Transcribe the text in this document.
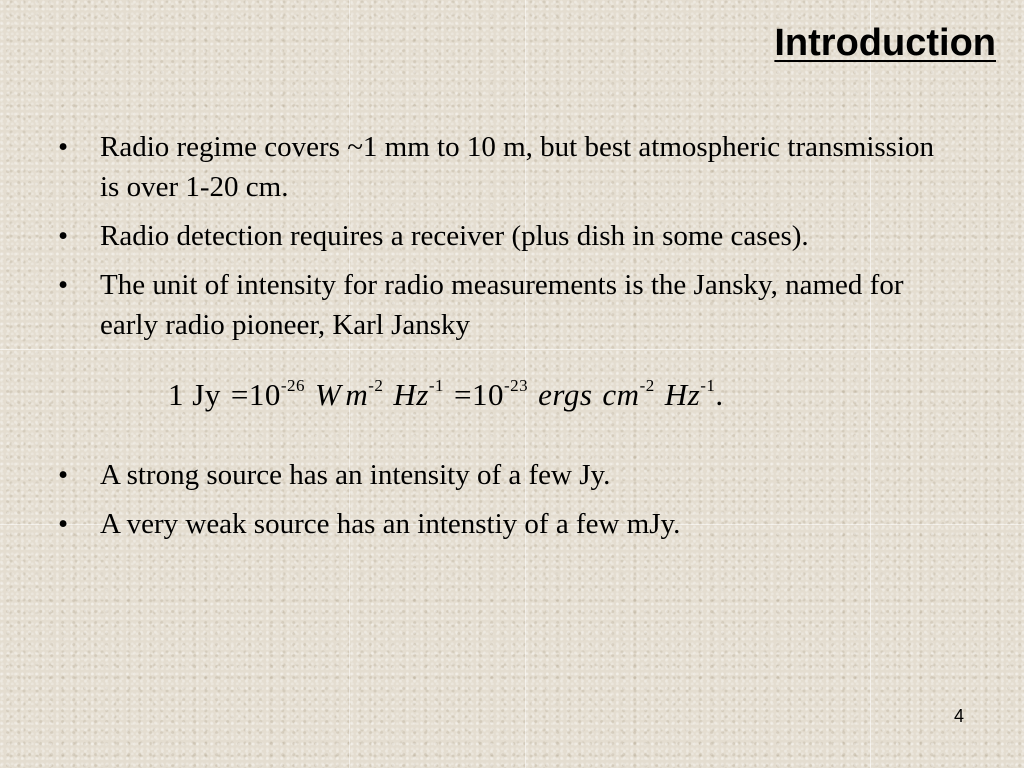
Introduction
• Radio regime covers ~1 mm to 10 m, but best atmospheric transmission is over 1-20 cm.
• Radio detection requires a receiver (plus dish in some cases).
• The unit of intensity for radio measurements is the Jansky, named for early radio pioneer, Karl Jansky
1 $Jy =10^{-26}$ W $m^{-2}$ $Hz^{-1} =10^{-23}$ ergs $cm^{-2}$ $Hz^{-1}$.
• A strong source has an intensity of a few Jy.
• A very weak source has an intenstiy of a few mJy.
4
